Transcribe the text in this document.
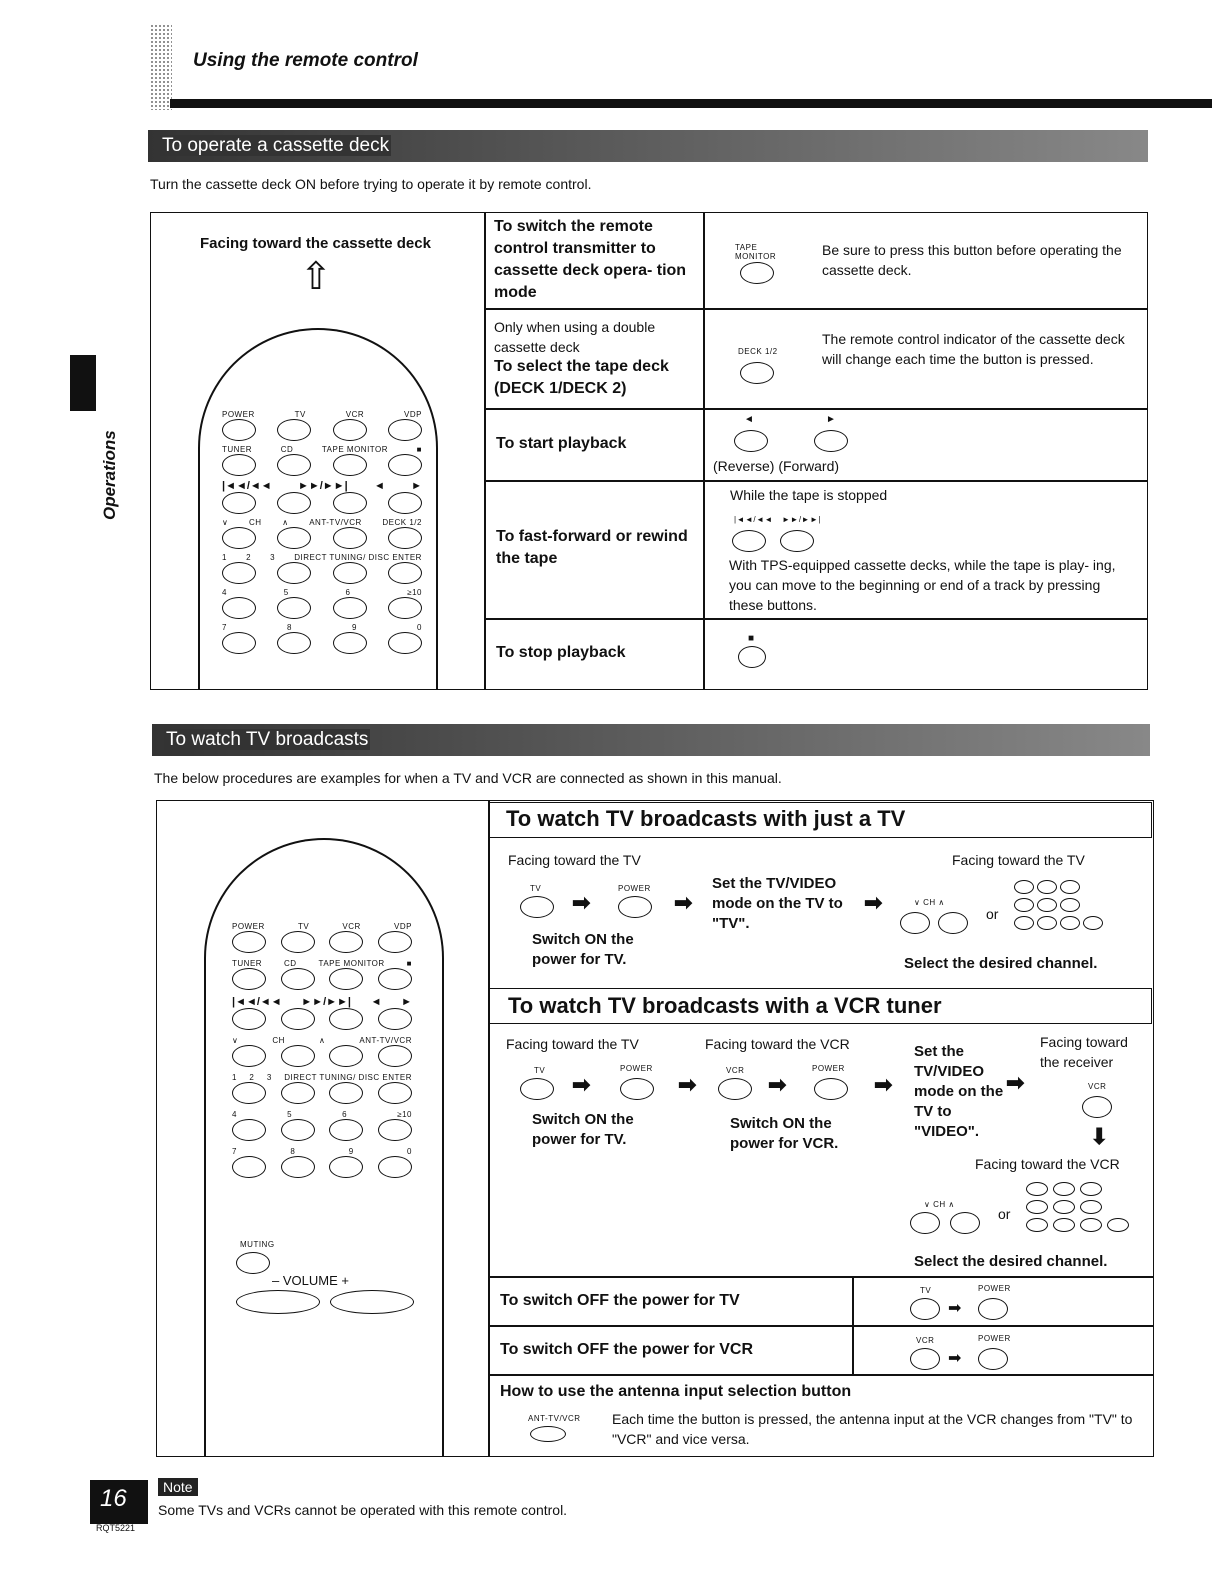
Using the remote control
Operations
To operate a cassette deck
Turn the cassette deck ON before trying to operate it by remote control.
Facing toward the cassette deck
⇧
POWER	TV	VCR	VDP
TUNER	CD	TAPE MONITOR	■
|◄◄/◄◄ ►►/►►| ◄ ►
∨	CH	∧	ANT-TV/VCR	DECK 1/2
1 2 3 DIRECT TUNING/ DISC ENTER
4	5	6	≥10
7	8	9	0
To switch the remote control transmitter to cassette deck opera- tion mode
TAPE MONITOR	Be sure to press this button before operating the cassette deck.
Only when using a double cassette deck
To select the tape deck (DECK 1/DECK 2)
DECK 1/2
The remote control indicator of the cassette deck will change each time the button is pressed.
To start playback
◄	►
(Reverse) (Forward)
To fast-forward or rewind the tape
While the tape is stopped
|◄◄/◄◄ ►►/►►|
With TPS-equipped cassette decks, while the tape is play- ing, you can move to the beginning or end of a track by pressing these buttons.
To stop playback
■
To watch TV broadcasts
The below procedures are examples for when a TV and VCR are connected as shown in this manual.
POWER	TV	VCR	VDP
TUNER	CD	TAPE MONITOR	■
|◄◄/◄◄ ►►/►►| ◄ ►
∨	CH	∧	ANT-TV/VCR
1 2 3 DIRECT TUNING/ DISC ENTER
4	5	6	≥10
7	8	9	0
MUTING
– VOLUME +
To watch TV broadcasts with just a TV
Facing toward the TV	Facing toward the TV
TV	POWER
➡	➡
Set the TV/VIDEO mode on the TV to "TV".
➡	∨ CH ∧
or
Switch ON the power for TV.	Select the desired channel.
To watch TV broadcasts with a VCR tuner
Facing toward the TV	Facing toward the VCR	Facing toward the receiver
TV	POWER
➡	➡
VCR	POWER
➡	➡
Set the TV/VIDEO mode on the TV to "VIDEO".
➡	VCR
⬇
Switch ON the power for TV.
Switch ON the power for VCR.
Facing toward the VCR
∨ CH ∧
or
Select the desired channel.
To switch OFF the power for TV
TV	POWER
➡
To switch OFF the power for VCR
VCR	POWER
➡
How to use the antenna input selection button
ANT-TV/VCR Each time the button is pressed, the antenna input at the VCR changes from "TV" to "VCR" and vice versa.
16
RQT5221
Note
Some TVs and VCRs cannot be operated with this remote control.
